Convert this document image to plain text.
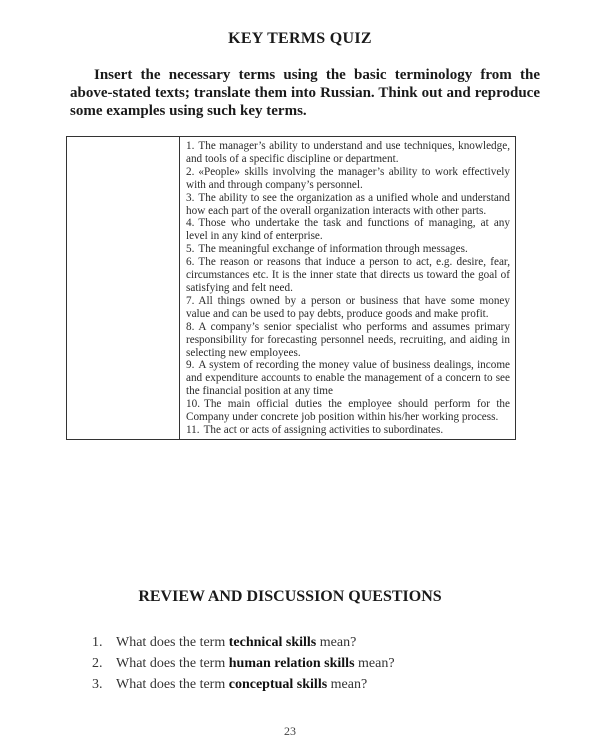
KEY TERMS QUIZ
Insert the necessary terms using the basic terminology from the above-stated texts; translate them into Russian. Think out and reproduce some examples using such key terms.

1. The manager’s ability to understand and use techniques, knowledge, and tools of a specific discipline or department.
2. «People» skills involving the manager’s ability to work effectively with and through company’s personnel.
3. The ability to see the organization as a unified whole and understand how each part of the overall organization interacts with other parts.
4. Those who undertake the task and functions of managing, at any level in any kind of enterprise.
5. The meaningful exchange of information through messages.
6. The reason or reasons that induce a person to act, e.g. desire, fear, circumstances etc. It is the inner state that directs us toward the goal of satisfying and felt need.
7. All things owned by a person or business that have some money value and can be used to pay debts, produce goods and make profit.
8. A company’s senior specialist who performs and assumes primary responsibility for forecasting personnel needs, recruiting, and aiding in selecting new employees.
9. A system of recording the money value of business dealings, income and expenditure accounts to enable the management of a concern to see the financial position at any time
10. The main official duties the employee should perform for the Company under concrete job position within his/her working process.
11. The act or acts of assigning activities to subordinates.
REVIEW AND DISCUSSION QUESTIONS
1. What does the term technical skills mean?
2. What does the term human relation skills mean?
3. What does the term conceptual skills mean?
23
